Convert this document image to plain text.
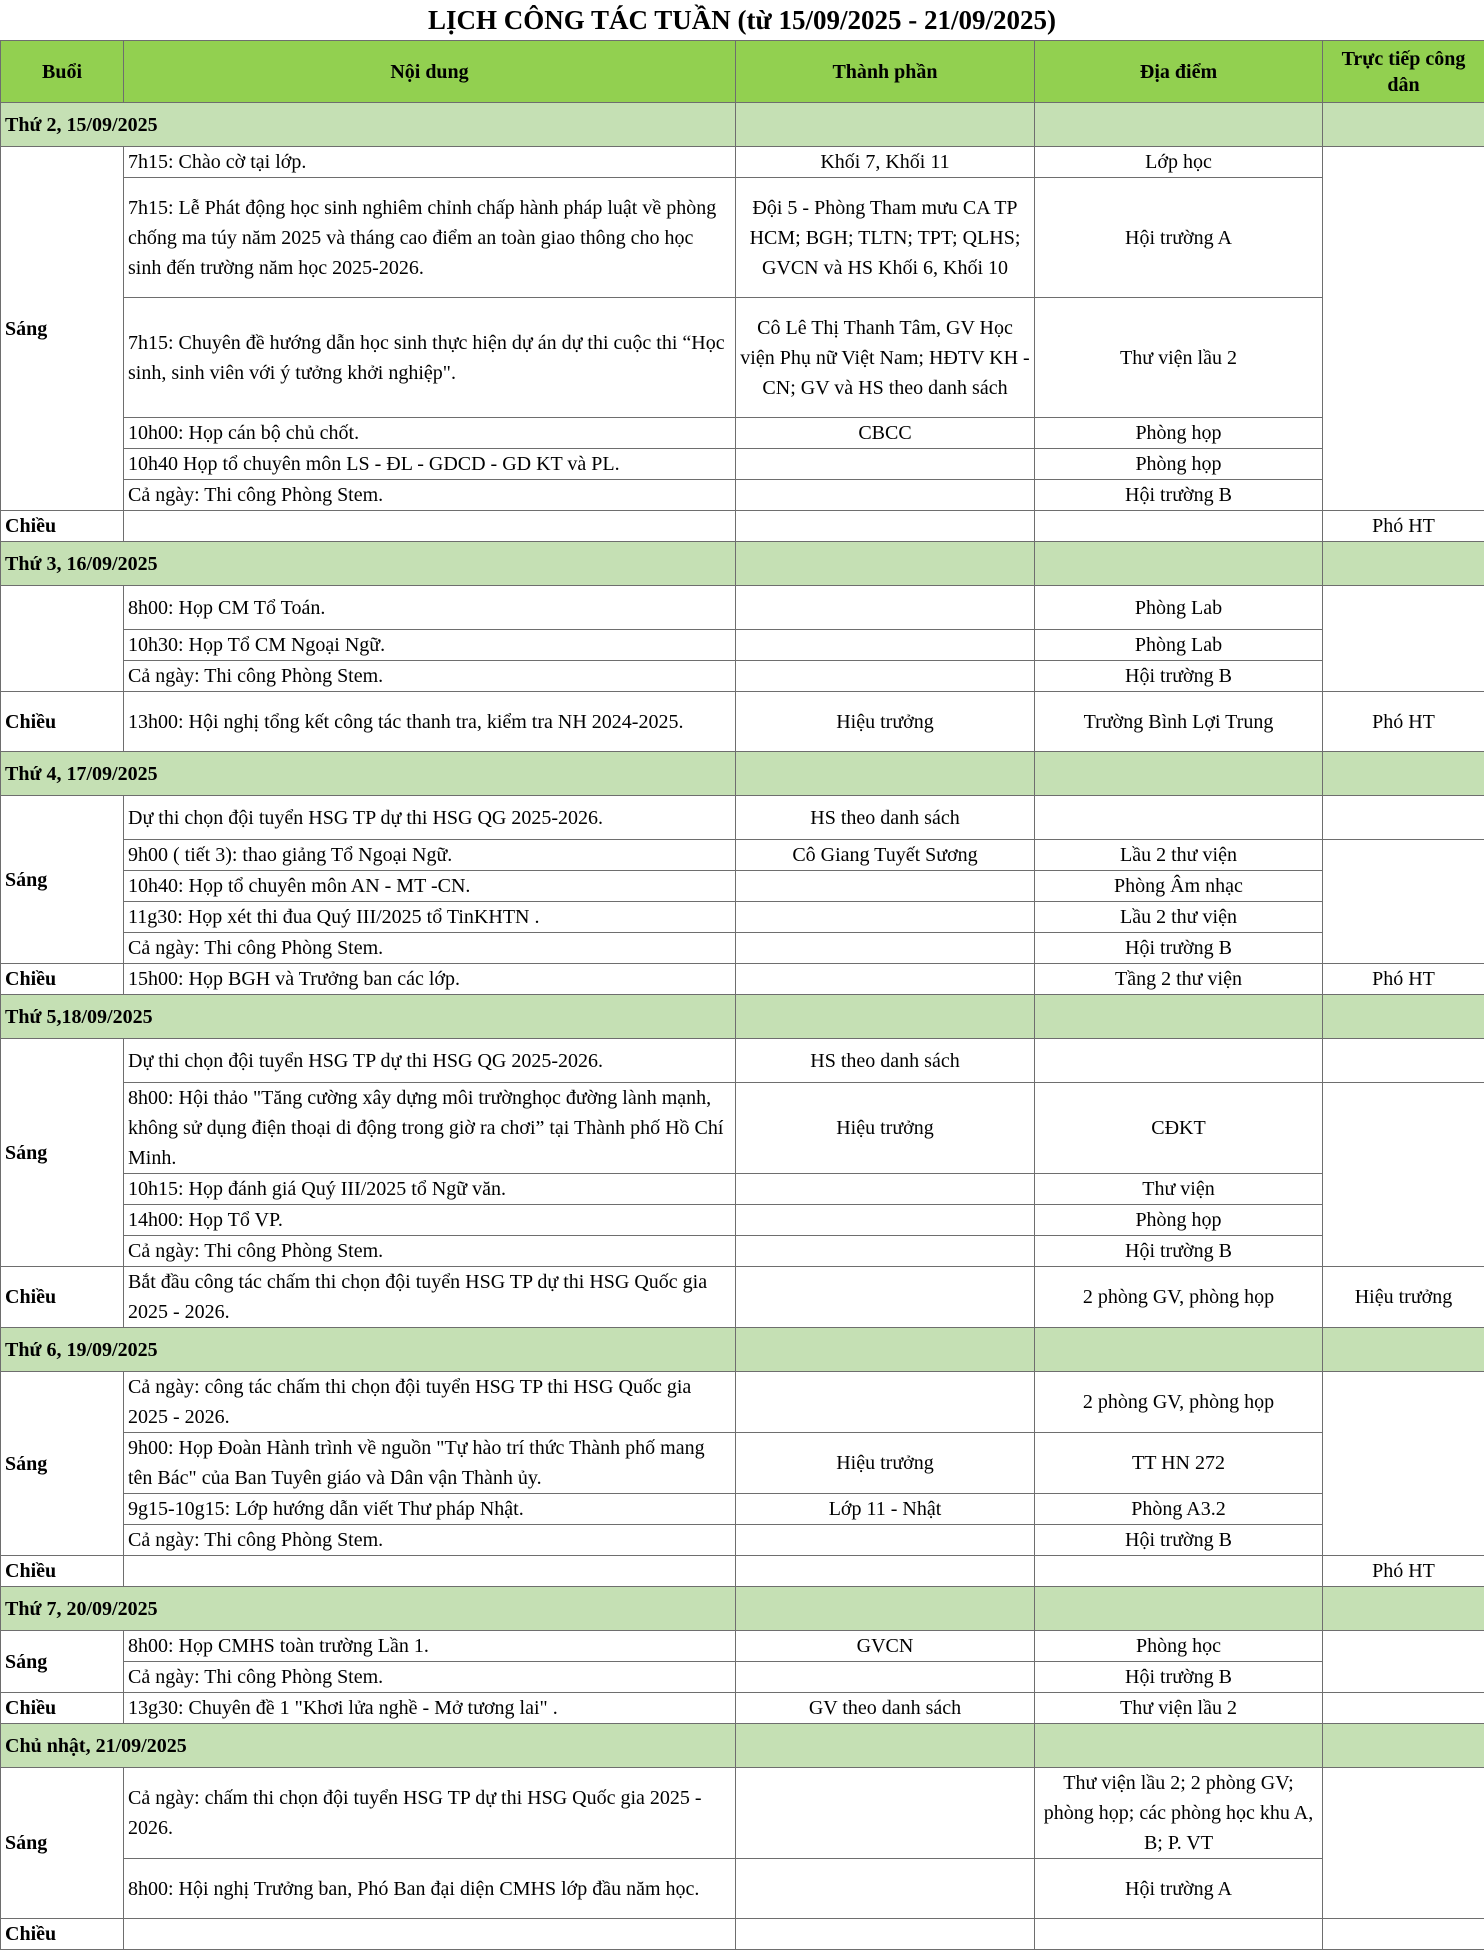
LỊCH CÔNG TÁC TUẦN (từ 15/09/2025 - 21/09/2025)
Buổi	Nội dung	Thành phần	Địa điểm	Trực tiếp công dân
Thứ 2, 15/09/2025				
Sáng	7h15: Chào cờ tại lớp.	Khối 7, Khối 11	Lớp học	
	7h15: Lễ Phát động học sinh nghiêm chỉnh chấp hành pháp luật về phòng chống ma túy năm 2025 và tháng cao điểm an toàn giao thông cho học sinh đến trường năm học 2025-2026.	Đội 5 - Phòng Tham mưu CA TP HCM; BGH; TLTN; TPT; QLHS; GVCN và HS Khối 6, Khối 10	Hội trường A	
	7h15: Chuyên đề hướng dẫn học sinh thực hiện dự án dự thi cuộc thi “Học sinh, sinh viên với ý tưởng khởi nghiệp".	Cô Lê Thị Thanh Tâm, GV Học viện Phụ nữ Việt Nam; HĐTV KH - CN; GV và HS theo danh sách	Thư viện lầu 2	
	10h00: Họp cán bộ chủ chốt.	CBCC	Phòng họp	
	10h40 Họp tổ chuyên môn LS - ĐL - GDCD - GD KT và PL.		Phòng họp	
	Cả ngày: Thi công Phòng Stem.		Hội trường B	
Chiều				Phó HT
Thứ 3, 16/09/2025				
	8h00: Họp CM Tổ Toán.		Phòng Lab	
	10h30: Họp Tổ CM Ngoại Ngữ.		Phòng Lab	
	Cả ngày: Thi công Phòng Stem.		Hội trường B	
Chiều	13h00: Hội nghị tổng kết công tác thanh tra, kiểm tra NH 2024-2025.	Hiệu trưởng	Trường Bình Lợi Trung	Phó HT
Thứ 4, 17/09/2025				
Sáng	Dự thi chọn đội tuyển HSG TP dự thi HSG QG 2025-2026.	HS theo danh sách		
	9h00 ( tiết 3): thao giảng Tổ Ngoại Ngữ.	Cô Giang Tuyết Sương	Lầu 2 thư viện	
	10h40: Họp tổ chuyên môn AN - MT -CN.		Phòng Âm nhạc	
	11g30: Họp xét thi đua Quý III/2025 tổ TinKHTN .		Lầu 2 thư viện	
	Cả ngày: Thi công Phòng Stem.		Hội trường B	
Chiều	15h00: Họp BGH và Trưởng ban các lớp.		Tầng 2 thư viện	Phó HT
Thứ 5,18/09/2025				
Sáng	Dự thi chọn đội tuyển HSG TP dự thi HSG QG 2025-2026.	HS theo danh sách		
	8h00: Hội thảo "Tăng cường xây dựng môi trườnghọc đường lành mạnh, không sử dụng điện thoại di động trong giờ ra chơi” tại Thành phố Hồ Chí Minh.	Hiệu trưởng	CĐKT	
	10h15: Họp đánh giá Quý III/2025 tổ Ngữ văn.		Thư viện	
	14h00: Họp Tổ VP.		Phòng họp	
	Cả ngày: Thi công Phòng Stem.		Hội trường B	
Chiều	Bắt đầu công tác chấm thi chọn đội tuyển HSG TP dự thi HSG Quốc gia 2025 - 2026.		2 phòng GV, phòng họp	Hiệu trưởng
Thứ 6, 19/09/2025				
Sáng	Cả ngày: công tác chấm thi chọn đội tuyển HSG TP thi HSG Quốc gia 2025 - 2026.		2 phòng GV, phòng họp	
	9h00: Họp Đoàn Hành trình về nguồn "Tự hào trí thức Thành phố mang tên Bác" của Ban Tuyên giáo và Dân vận Thành ủy.	Hiệu trưởng	TT HN 272	
	9g15-10g15: Lớp hướng dẫn viết Thư pháp Nhật.	Lớp 11 - Nhật	Phòng A3.2	
	Cả ngày: Thi công Phòng Stem.		Hội trường B	
Chiều				Phó HT
Thứ 7, 20/09/2025				
Sáng	8h00: Họp CMHS toàn trường Lần 1.	GVCN	Phòng học	
	Cả ngày: Thi công Phòng Stem.		Hội trường B	
Chiều	13g30: Chuyên đề 1 "Khơi lửa nghề - Mở tương lai" .	GV theo danh sách	Thư viện lầu 2	
Chủ nhật, 21/09/2025				
Sáng	Cả ngày: chấm thi chọn đội tuyển HSG TP dự thi HSG Quốc gia 2025 - 2026.		Thư viện lầu 2; 2 phòng GV; phòng họp; các phòng học khu A, B; P. VT	
	8h00: Hội nghị Trưởng ban, Phó Ban đại diện CMHS lớp đầu năm học.		Hội trường A	
Chiều				
